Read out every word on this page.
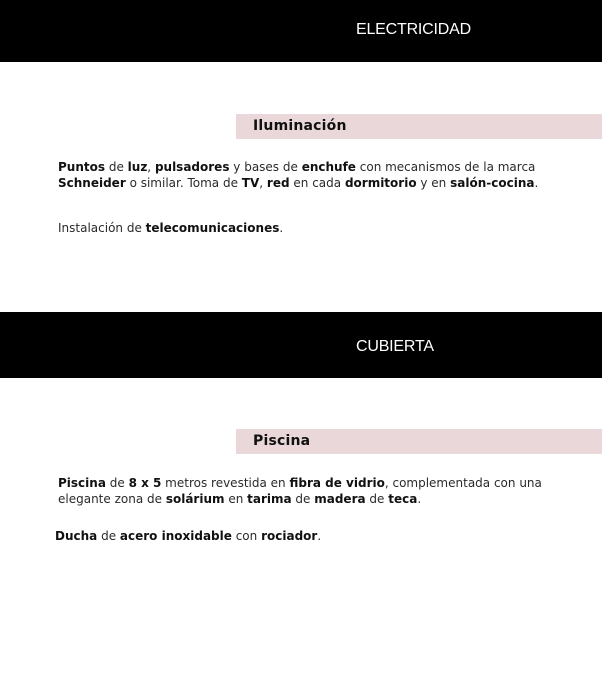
ELECTRICIDAD
Iluminación
Puntos de luz, pulsadores y bases de enchufe con mecanismos de la marca
Schneider o similar. Toma de TV, red en cada dormitorio y en salón-cocina.
Instalación de telecomunicaciones.
CUBIERTA
Piscina
Piscina de 8 x 5 metros revestida en fibra de vidrio, complementada con una
elegante zona de solárium en tarima de madera de teca.
Ducha de acero inoxidable con rociador.
